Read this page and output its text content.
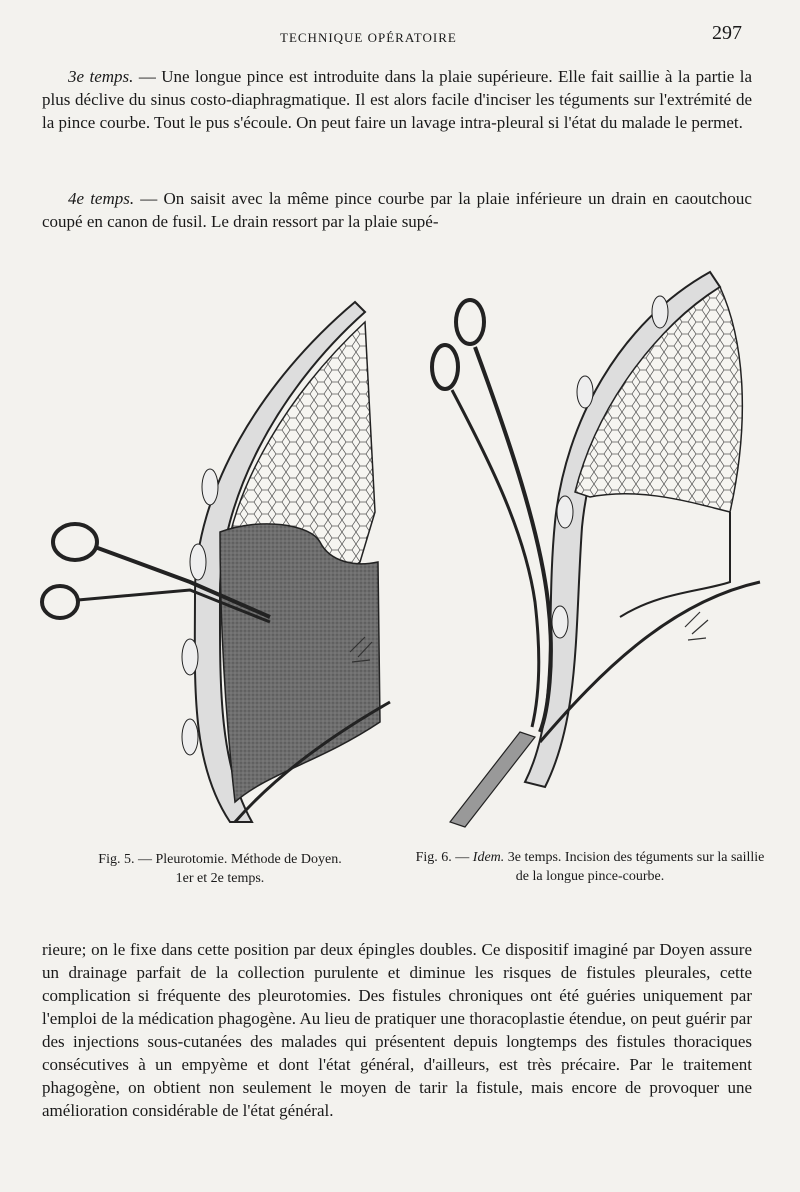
TECHNIQUE OPÉRATOIRE	297

3e temps. — Une longue pince est introduite dans la plaie supérieure. Elle fait saillie à la partie la plus déclive du sinus costo-diaphragmatique. Il est alors facile d'inciser les téguments sur l'extrémité de la pince courbe. Tout le pus s'écoule. On peut faire un lavage intra-pleural si l'état du malade le permet.

4e temps. — On saisit avec la même pince courbe par la plaie inférieure un drain en caoutchouc coupé en canon de fusil. Le drain ressort par la plaie supé-

Fig. 5. — Pleurotomie. Méthode de Doyen.
1er et 2e temps.
Fig. 6. — Idem. 3e temps. Incision des téguments sur la saillie de la longue pince-courbe.

rieure; on le fixe dans cette position par deux épingles doubles. Ce dispositif imaginé par Doyen assure un drainage parfait de la collection purulente et diminue les risques de fistules pleurales, cette complication si fréquente des pleurotomies. Des fistules chroniques ont été guéries uniquement par l'emploi de la médication phagogène. Au lieu de pratiquer une thoracoplastie étendue, on peut guérir par des injections sous-cutanées des malades qui présentent depuis longtemps des fistules thoraciques consécutives à un empyème et dont l'état général, d'ailleurs, est très précaire. Par le traitement phagogène, on obtient non seulement le moyen de tarir la fistule, mais encore de provoquer une amélioration considérable de l'état général.
